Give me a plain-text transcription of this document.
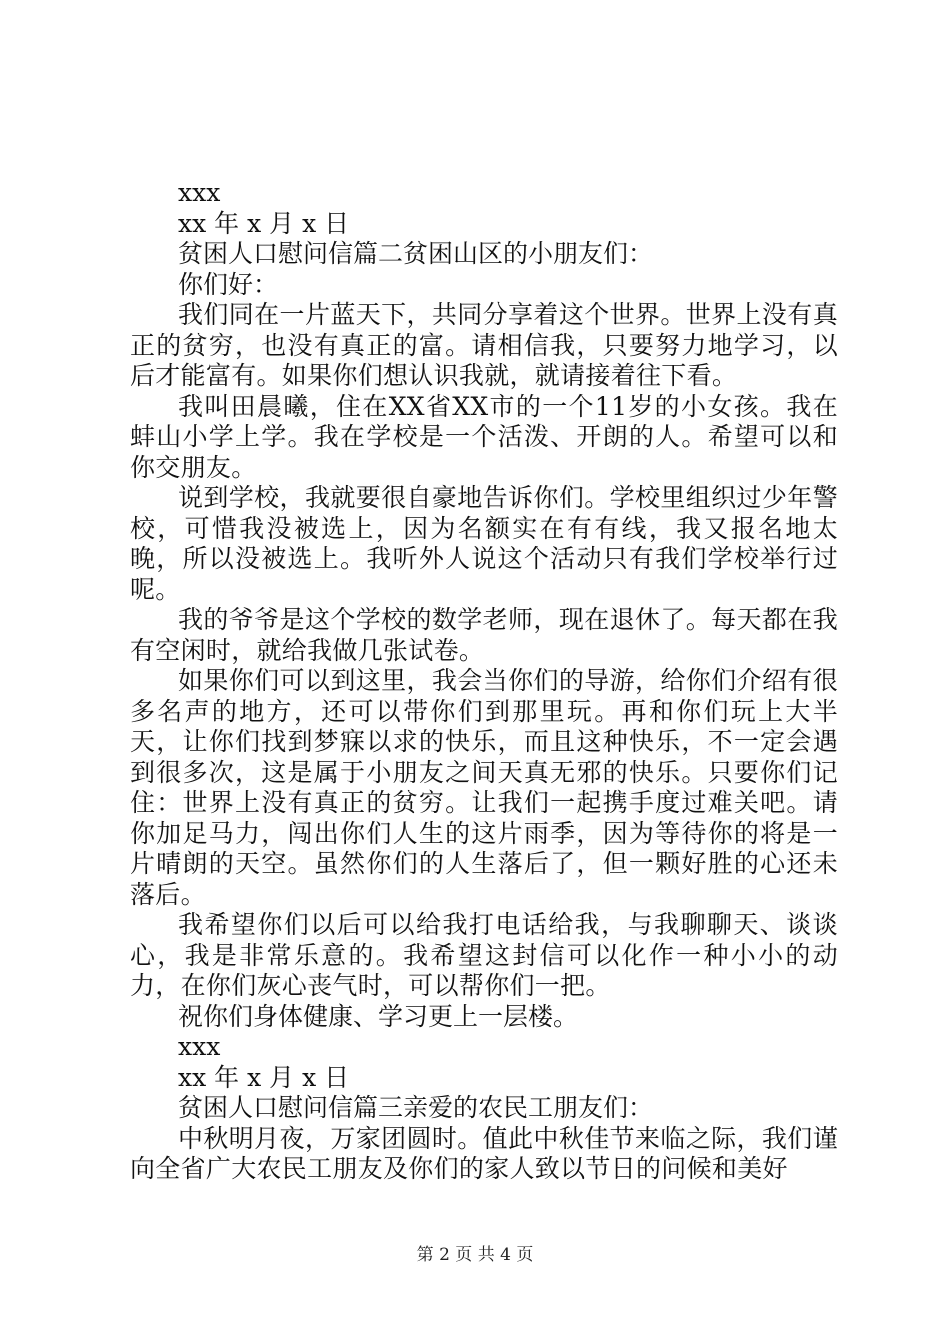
xxx

xx 年 x 月 x 日

贫困人口慰问信篇二贫困山区的小朋友们：

你们好：

我们同在一片蓝天下，共同分享着这个世界。世界上没有真正的贫穷，也没有真正的富。请相信我，只要努力地学习，以后才能富有。如果你们想认识我就，就请接着往下看。

我叫田晨曦，住在XX省XX市的一个11岁的小女孩。我在蚌山小学上学。我在学校是一个活泼、开朗的人。希望可以和你交朋友。

说到学校，我就要很自豪地告诉你们。学校里组织过少年警校，可惜我没被选上，因为名额实在有有线，我又报名地太晚，所以没被选上。我听外人说这个活动只有我们学校举行过呢。

我的爷爷是这个学校的数学老师，现在退休了。每天都在我有空闲时，就给我做几张试卷。

如果你们可以到这里，我会当你们的导游，给你们介绍有很多名声的地方，还可以带你们到那里玩。再和你们玩上大半天，让你们找到梦寐以求的快乐，而且这种快乐，不一定会遇到很多次，这是属于小朋友之间天真无邪的快乐。只要你们记住：世界上没有真正的贫穷。让我们一起携手度过难关吧。请你加足马力，闯出你们人生的这片雨季，因为等待你的将是一片晴朗的天空。虽然你们的人生落后了，但一颗好胜的心还未落后。

我希望你们以后可以给我打电话给我，与我聊聊天、谈谈心，我是非常乐意的。我希望这封信可以化作一种小小的动力，在你们灰心丧气时，可以帮你们一把。

祝你们身体健康、学习更上一层楼。

xxx

xx 年 x 月 x 日

贫困人口慰问信篇三亲爱的农民工朋友们：

中秋明月夜，万家团圆时。值此中秋佳节来临之际，我们谨向全省广大农民工朋友及你们的家人致以节日的问候和美好

第 2 页 共 4 页
